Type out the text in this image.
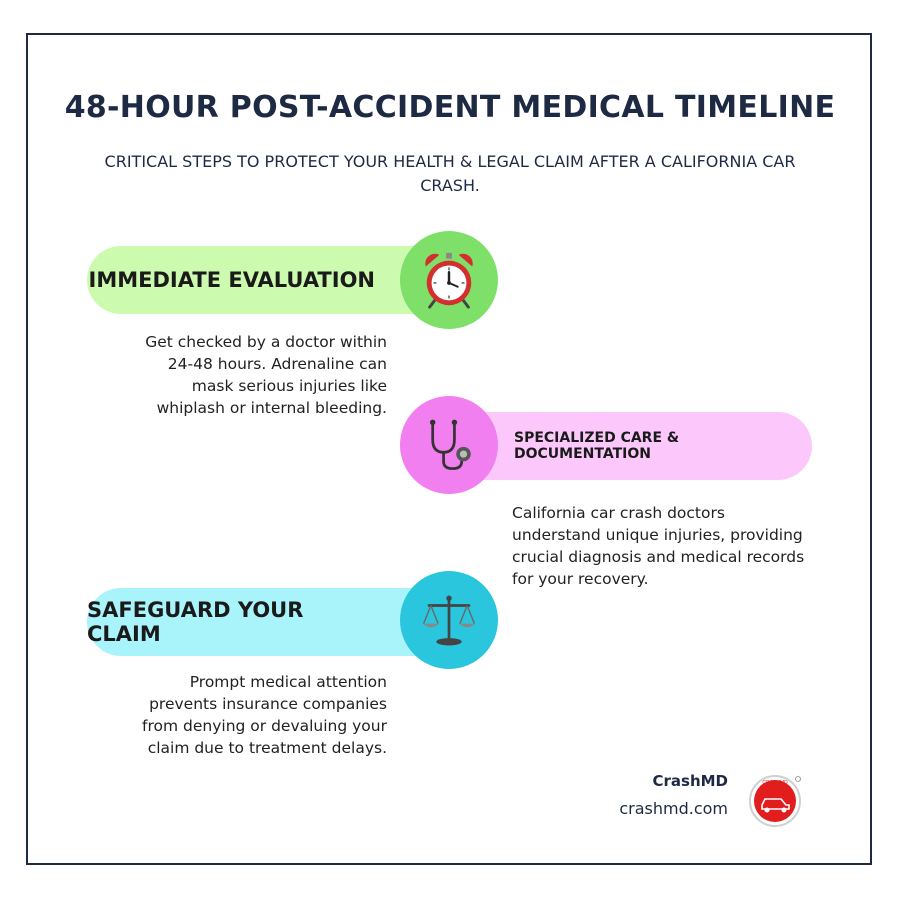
48-HOUR POST-ACCIDENT MEDICAL TIMELINE
CRITICAL STEPS TO PROTECT YOUR HEALTH & LEGAL CLAIM AFTER A CALIFORNIA CAR CRASH.
IMMEDIATE EVALUATION
Get checked by a doctor within 24-48 hours. Adrenaline can mask serious injuries like whiplash or internal bleeding.
SPECIALIZED CARE & DOCUMENTATION
California car crash doctors understand unique injuries, providing crucial diagnosis and medical records for your recovery.
SAFEGUARD YOUR CLAIM
Prompt medical attention prevents insurance companies from denying or devaluing your claim due to treatment delays.
CrashMD
crashmd.com
CRASHMD
